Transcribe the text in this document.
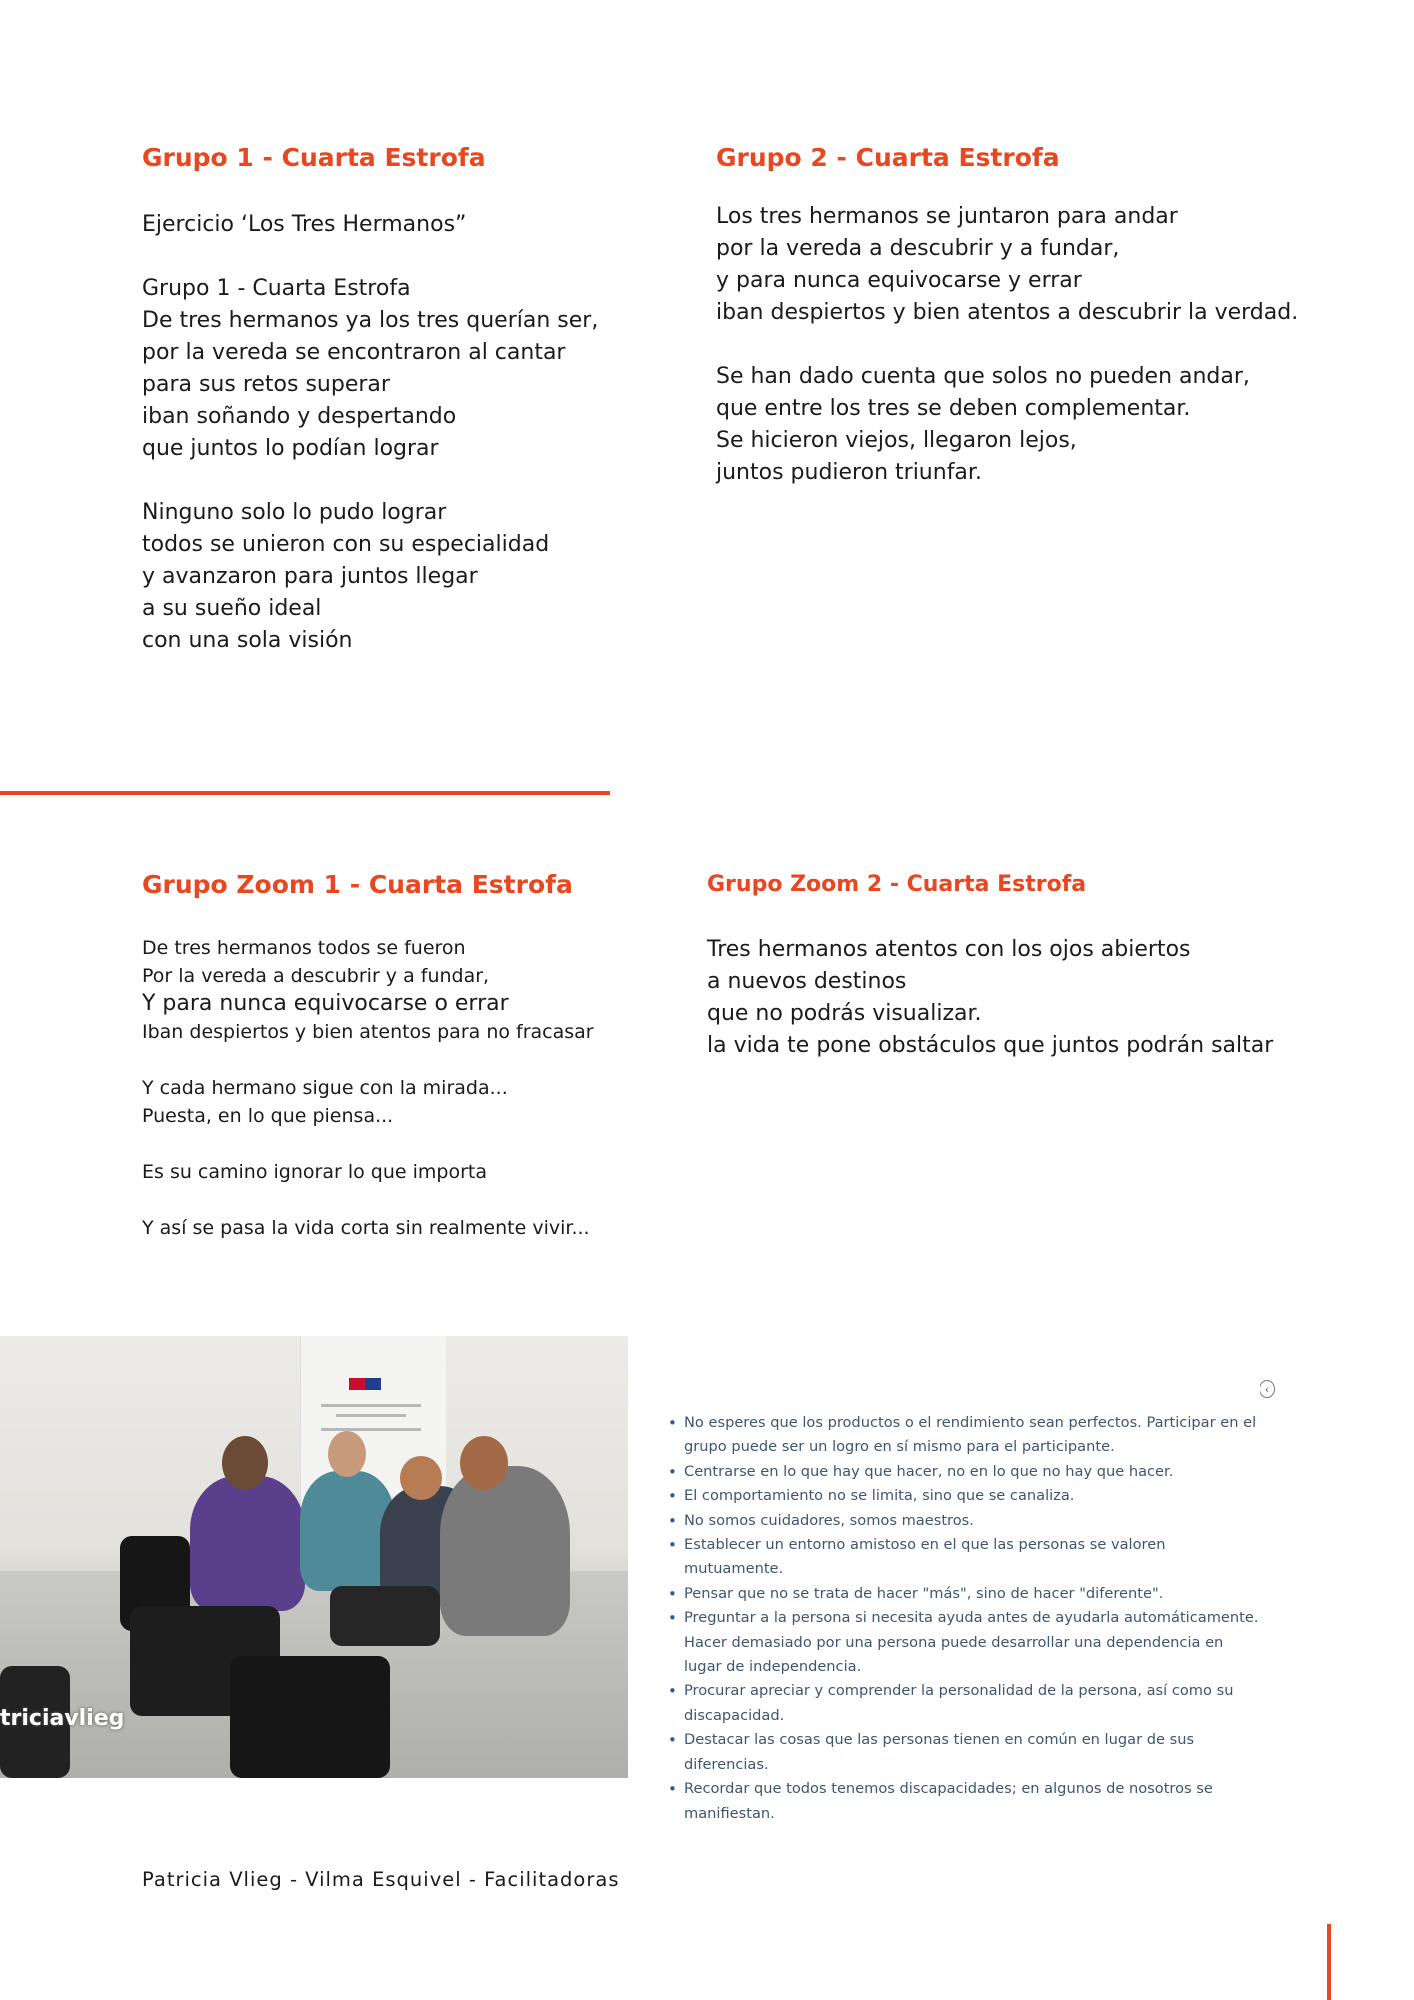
Grupo 1 - Cuarta Estrofa
Ejercicio ‘Los Tres Hermanos”
Grupo 1 - Cuarta Estrofa
De tres hermanos ya los tres querían ser,
por la vereda se encontraron al cantar
para sus retos superar
iban soñando y despertando
que juntos lo podían lograr
Ninguno solo lo pudo lograr
todos se unieron con su especialidad
y avanzaron para juntos llegar
a su sueño ideal
con una sola visión
Grupo 2 - Cuarta Estrofa
Los tres hermanos se juntaron para andar
por la vereda a descubrir y a fundar,
y para nunca equivocarse y errar
iban despiertos y bien atentos a descubrir la verdad.
Se han dado cuenta que solos no pueden andar,
que entre los tres se deben complementar.
Se hicieron viejos, llegaron lejos,
juntos pudieron triunfar.
Grupo Zoom 1 - Cuarta Estrofa
De tres hermanos todos se fueron
Por la vereda a descubrir y a fundar,
Y para nunca equivocarse o errar
Iban despiertos y bien atentos para no fracasar
Y cada hermano sigue con la mirada...
Puesta, en lo que piensa...
Es su camino ignorar lo que importa
Y así se pasa la vida corta sin realmente vivir...
Grupo Zoom 2 - Cuarta Estrofa
Tres hermanos atentos con los ojos abiertos
a nuevos destinos
que no podrás visualizar.
la vida te pone obstáculos que juntos podrán saltar
triciavlieg
‹
• No esperes que los productos o el rendimiento sean perfectos. Participar en el grupo puede ser un logro en sí mismo para el participante.
• Centrarse en lo que hay que hacer, no en lo que no hay que hacer.
• El comportamiento no se limita, sino que se canaliza.
• No somos cuidadores, somos maestros.
• Establecer un entorno amistoso en el que las personas se valoren mutuamente.
• Pensar que no se trata de hacer "más", sino de hacer "diferente".
• Preguntar a la persona si necesita ayuda antes de ayudarla automáticamente. Hacer demasiado por una persona puede desarrollar una dependencia en lugar de independencia.
• Procurar apreciar y comprender la personalidad de la persona, así como su discapacidad.
• Destacar las cosas que las personas tienen en común en lugar de sus diferencias.
• Recordar que todos tenemos discapacidades; en algunos de nosotros se manifiestan.
Patricia Vlieg - Vilma Esquivel - Facilitadoras
